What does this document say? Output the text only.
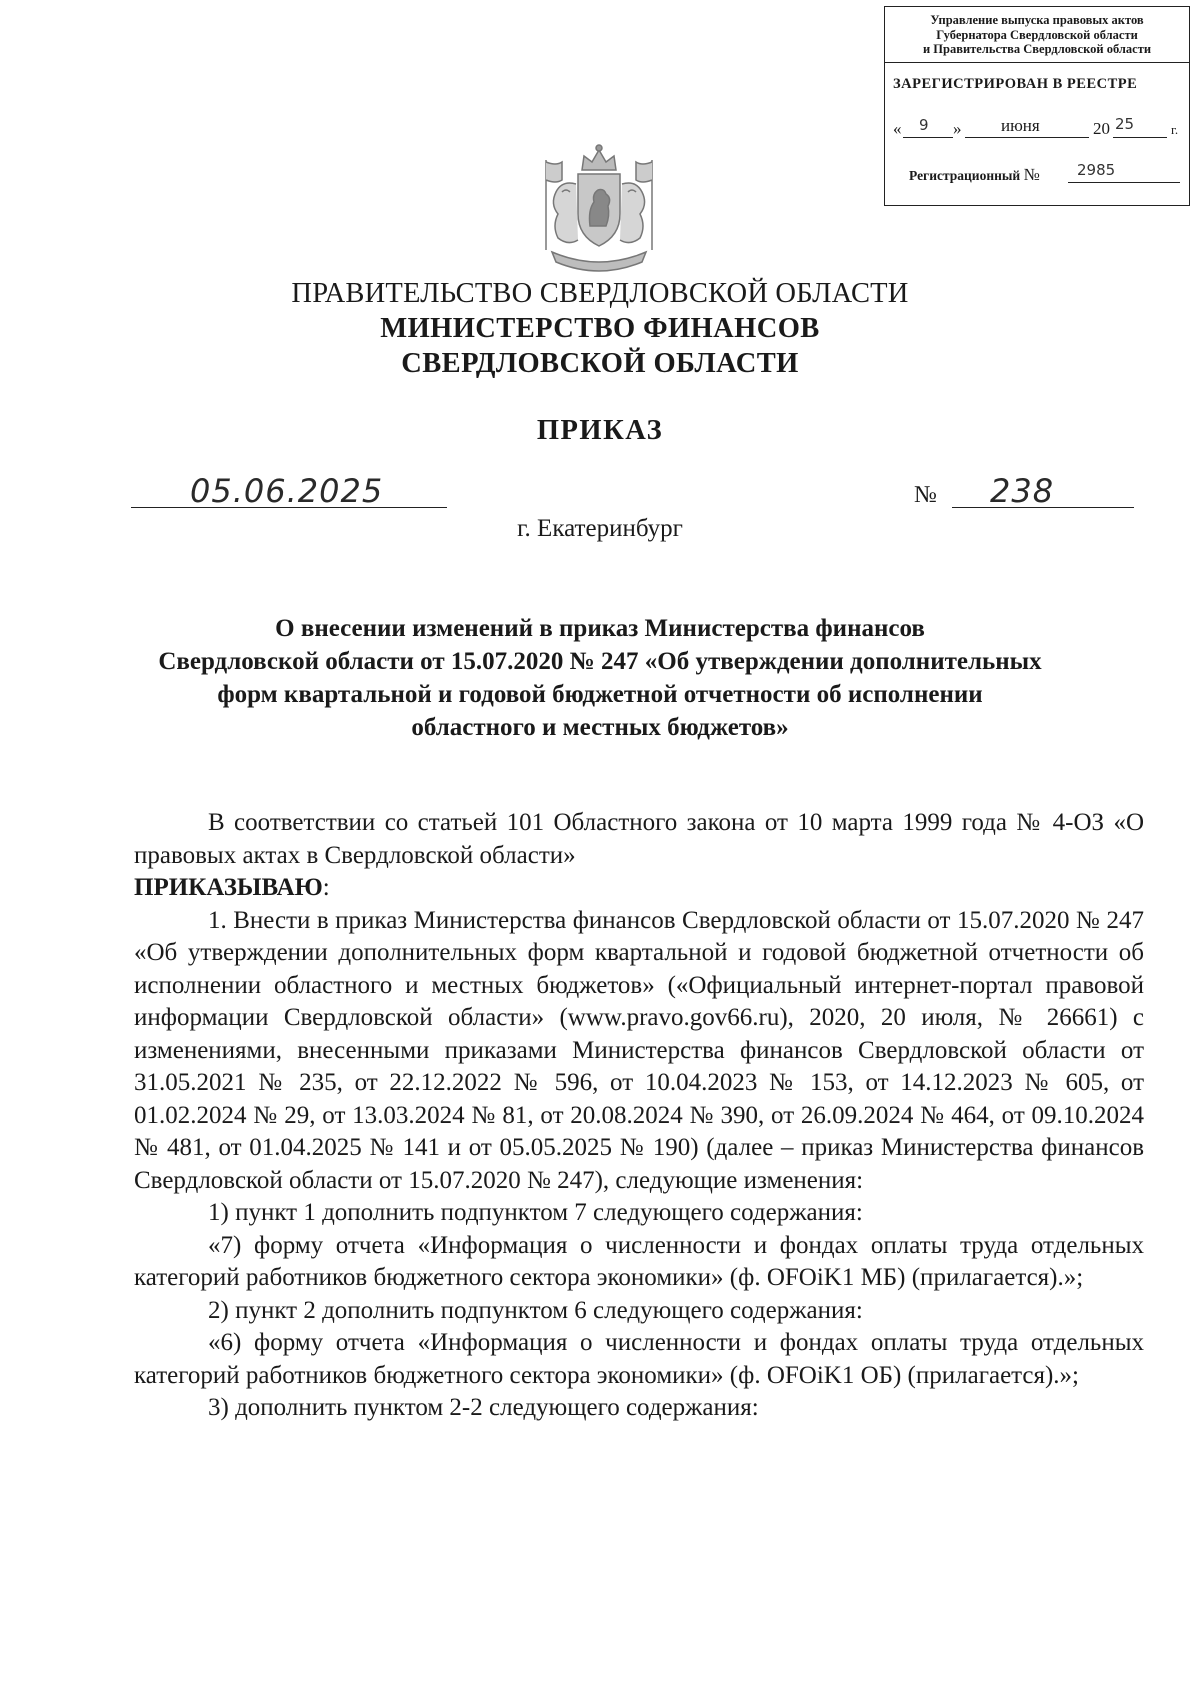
Управление выпуска правовых актов
Губернатора Свердловской области
и Правительства Свердловской области
ЗАРЕГИСТРИРОВАН В РЕЕСТРЕ
« 9 » июня	20 25	г.
Регистрационный № 2985
ПРАВИТЕЛЬСТВО СВЕРДЛОВСКОЙ ОБЛАСТИ
МИНИСТЕРСТВО ФИНАНСОВ
СВЕРДЛОВСКОЙ ОБЛАСТИ
ПРИКАЗ
05.06.2025	№ 238
г. Екатеринбург
О внесении изменений в приказ Министерства финансов
Свердловской области от 15.07.2020 № 247 «Об утверждении дополнительных
форм квартальной и годовой бюджетной отчетности об исполнении
областного и местных бюджетов»

В соответствии со статьей 101 Областного закона от 10 марта 1999 года № 4-ОЗ «О правовых актах в Свердловской области»

ПРИКАЗЫВАЮ:

1. Внести в приказ Министерства финансов Свердловской области от 15.07.2020 № 247 «Об утверждении дополнительных форм квартальной и годовой бюджетной отчетности об исполнении областного и местных бюджетов» («Официальный интернет-портал правовой информации Свердловской области» (www.pravo.gov66.ru), 2020, 20 июля, № 26661) с изменениями, внесенными приказами Министерства финансов Свердловской области от 31.05.2021 № 235, от 22.12.2022 № 596, от 10.04.2023 № 153, от 14.12.2023 № 605, от 01.02.2024 № 29, от 13.03.2024 № 81, от 20.08.2024 № 390, от 26.09.2024 № 464, от 09.10.2024 № 481, от 01.04.2025 № 141 и от 05.05.2025 № 190) (далее – приказ Министерства финансов Свердловской области от 15.07.2020 № 247), следующие изменения:

1) пункт 1 дополнить подпунктом 7 следующего содержания:

«7) форму отчета «Информация о численности и фондах оплаты труда отдельных категорий работников бюджетного сектора экономики» (ф. OFOiK1 МБ) (прилагается).»;

2) пункт 2 дополнить подпунктом 6 следующего содержания:

«6) форму отчета «Информация о численности и фондах оплаты труда отдельных категорий работников бюджетного сектора экономики» (ф. OFOiK1 ОБ) (прилагается).»;

3) дополнить пунктом 2-2 следующего содержания:
